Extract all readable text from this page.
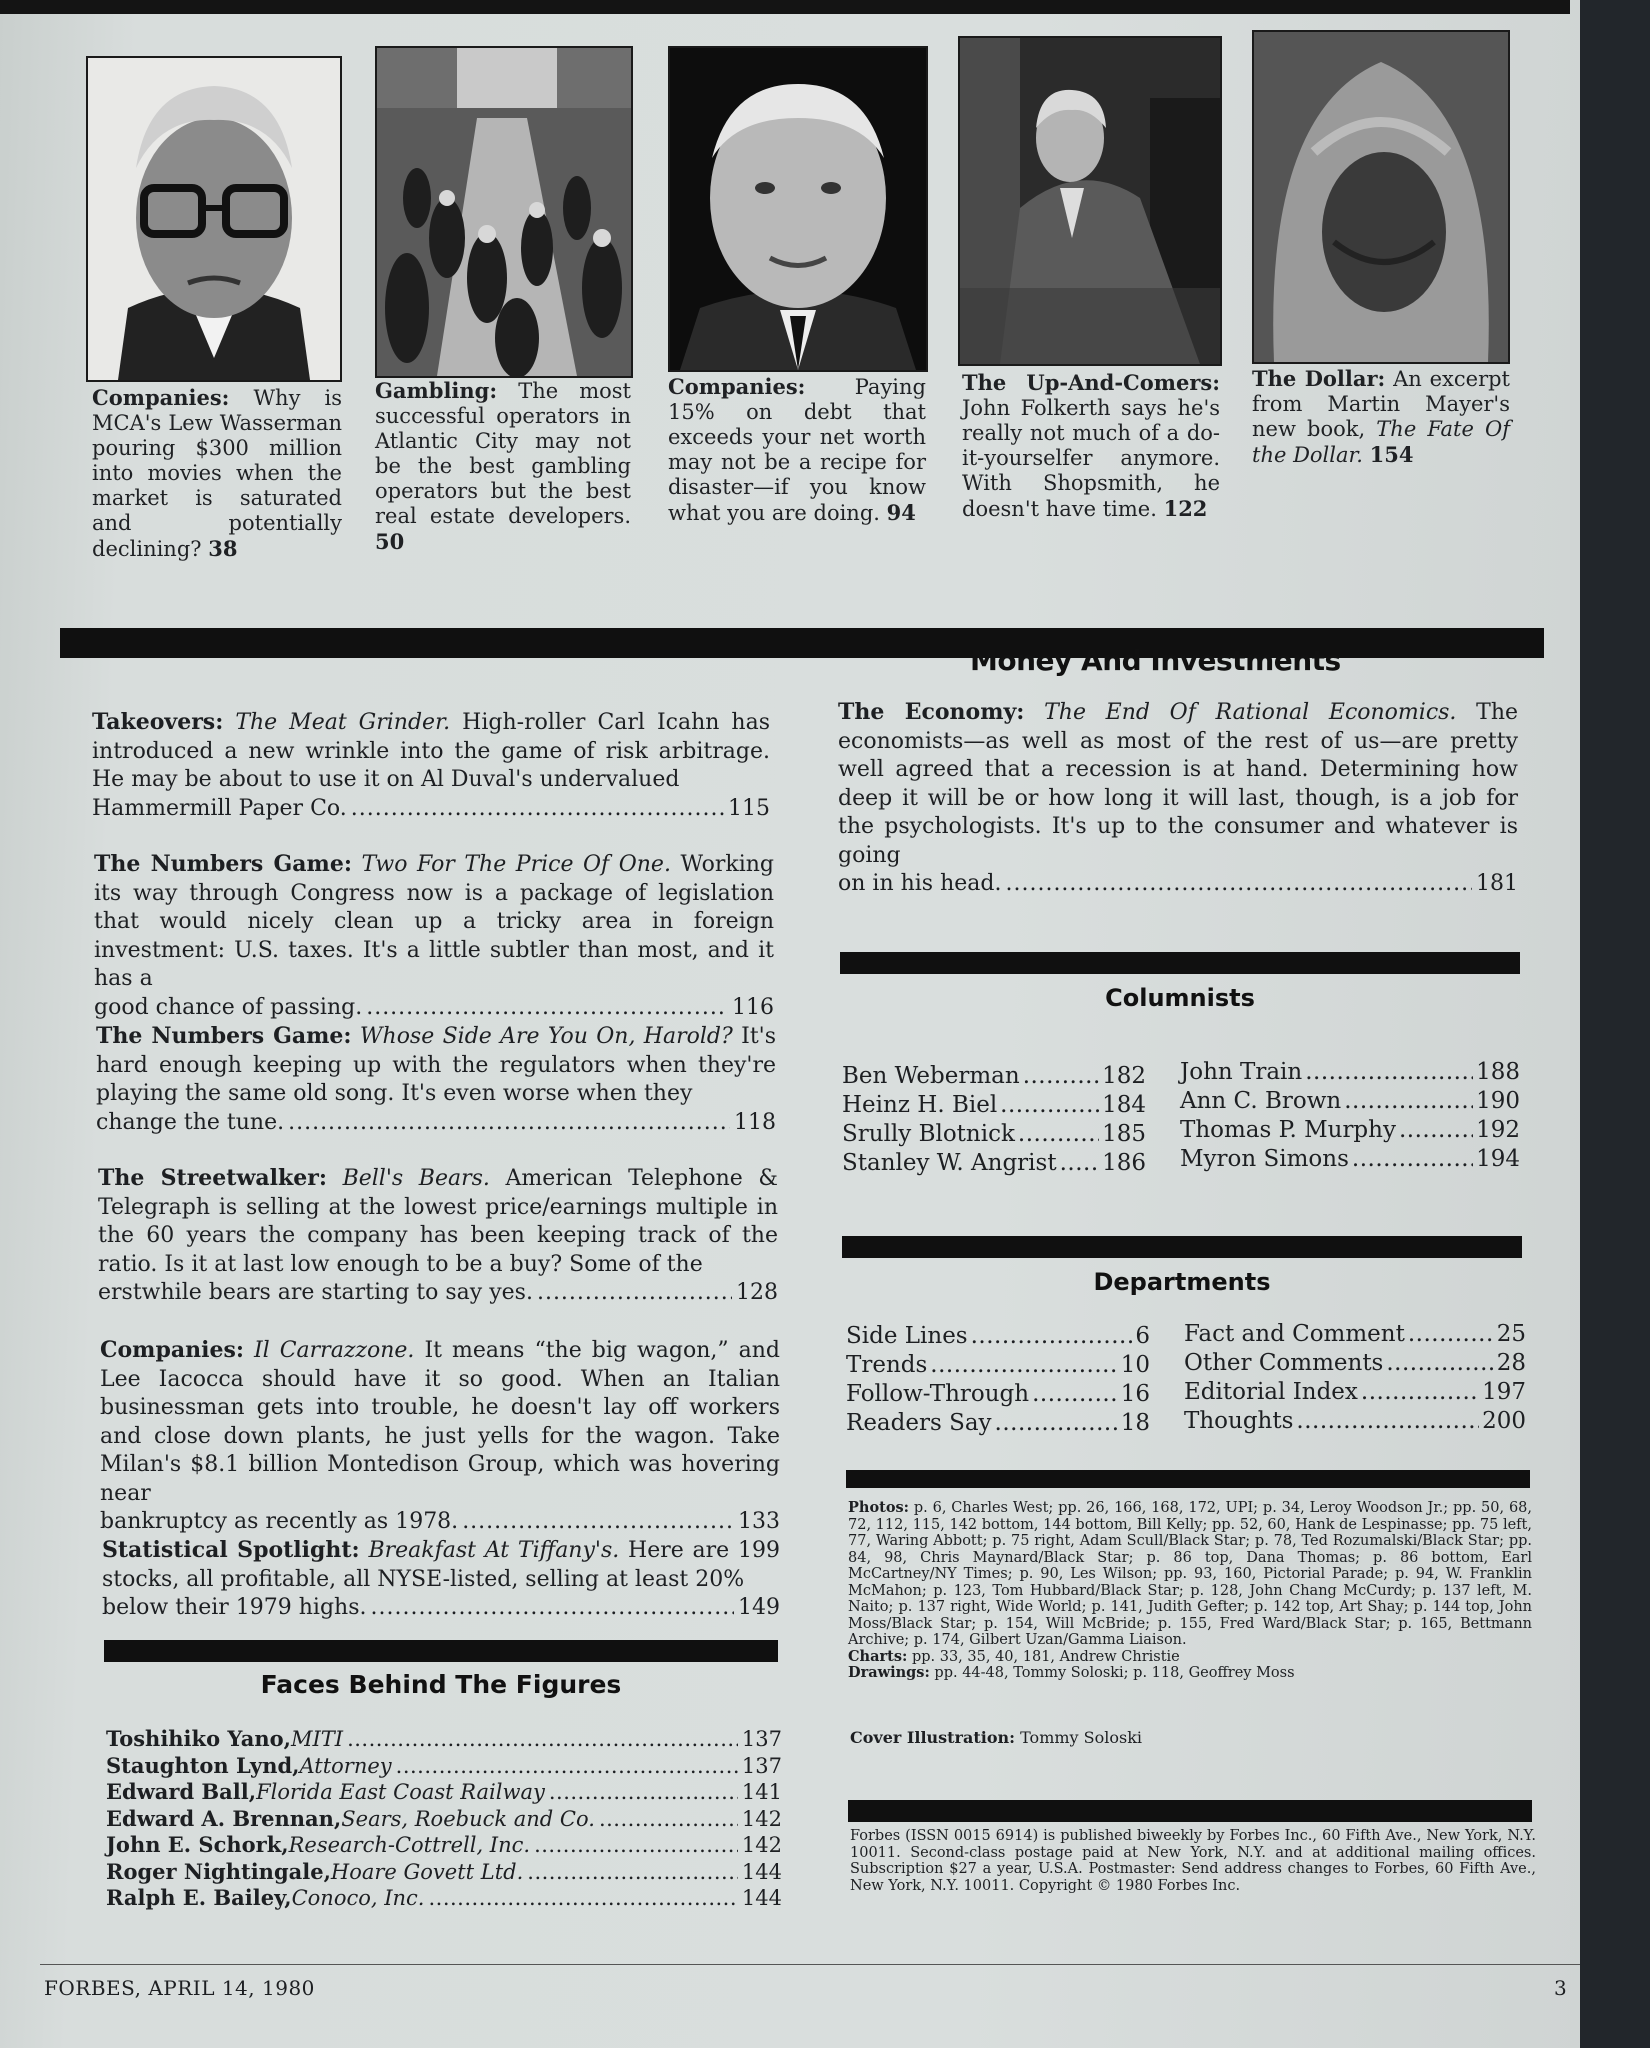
Companies: Why is MCA's Lew Wasserman pouring $300 million into movies when the market is saturated and potentially declining? 38
Gambling: The most successful operators in Atlantic City may not be the best gambling operators but the best real estate developers. 50
Companies: Paying 15% on debt that exceeds your net worth may not be a recipe for disaster—if you know what you are doing. 94
The Up-And-Comers: John Folkerth says he's really not much of a do-it-yourselfer anymore. With Shopsmith, he doesn't have time. 122
The Dollar: An excerpt from Martin Mayer's new book, The Fate Of the Dollar. 154
Money And Investments
Takeovers: The Meat Grinder. High-roller Carl Icahn has introduced a new wrinkle into the game of risk arbitrage. He may be about to use it on Al Duval's undervalued
Hammermill Paper Co. .....	115
The Numbers Game: Two For The Price Of One. Working its way through Congress now is a package of legislation that would nicely clean up a tricky area in foreign investment: U.S. taxes. It's a little subtler than most, and it has a
good chance of passing. .....	116
The Numbers Game: Whose Side Are You On, Harold? It's hard enough keeping up with the regulators when they're playing the same old song. It's even worse when they
change the tune. .....	118
The Streetwalker: Bell's Bears. American Telephone & Telegraph is selling at the lowest price/earnings multiple in the 60 years the company has been keeping track of the ratio. Is it at last low enough to be a buy? Some of the
erstwhile bears are starting to say yes. .....	128
Companies: Il Carrazzone. It means “the big wagon,” and Lee Iacocca should have it so good. When an Italian businessman gets into trouble, he doesn't lay off workers and close down plants, he just yells for the wagon. Take Milan's $8.1 billion Montedison Group, which was hovering near
bankruptcy as recently as 1978. .....	133
Statistical Spotlight: Breakfast At Tiffany's. Here are 199 stocks, all profitable, all NYSE-listed, selling at least 20%
below their 1979 highs. .....	149
Faces Behind The Figures
Toshihiko Yano, MITI .....	137
Staughton Lynd, Attorney .....	137
Edward Ball, Florida East Coast Railway .....	141
Edward A. Brennan, Sears, Roebuck and Co. .....	142
John E. Schork, Research-Cottrell, Inc. .....	142
Roger Nightingale, Hoare Govett Ltd. .....	144
Ralph E. Bailey, Conoco, Inc. .....	144
The Economy: The End Of Rational Economics. The economists—as well as most of the rest of us—are pretty well agreed that a recession is at hand. Determining how deep it will be or how long it will last, though, is a job for the psychologists. It's up to the consumer and whatever is going
on in his head. .....	181
Columnists
Ben Weberman .....	182
Heinz H. Biel .....	184
Srully Blotnick .....	185
Stanley W. Angrist ..... 186
John Train .....	188
Ann C. Brown .....	190
Thomas P. Murphy .....	192
Myron Simons .....	194
Departments
Side Lines .....	6
Trends .....	10
Follow-Through .....	16
Readers Say .....	18
Fact and Comment .....	25
Other Comments .....	28
Editorial Index .....	197
Thoughts .....	200
Photos: p. 6, Charles West; pp. 26, 166, 168, 172, UPI; p. 34, Leroy Woodson Jr.; pp. 50, 68, 72, 112, 115, 142 bottom, 144 bottom, Bill Kelly; pp. 52, 60, Hank de Lespinasse; pp. 75 left, 77, Waring Abbott; p. 75 right, Adam Scull/Black Star; p. 78, Ted Rozumalski/Black Star; pp. 84, 98, Chris Maynard/Black Star; p. 86 top, Dana Thomas; p. 86 bottom, Earl McCartney/NY Times; p. 90, Les Wilson; pp. 93, 160, Pictorial Parade; p. 94, W. Franklin McMahon; p. 123, Tom Hubbard/Black Star; p. 128, John Chang McCurdy; p. 137 left, M. Naito; p. 137 right, Wide World; p. 141, Judith Gefter; p. 142 top, Art Shay; p. 144 top, John Moss/Black Star; p. 154, Will McBride; p. 155, Fred Ward/Black Star; p. 165, Bettmann Archive; p. 174, Gilbert Uzan/Gamma Liaison.
Charts: pp. 33, 35, 40, 181, Andrew Christie
Drawings: pp. 44-48, Tommy Soloski; p. 118, Geoffrey Moss
Cover Illustration: Tommy Soloski
Forbes (ISSN 0015 6914) is published biweekly by Forbes Inc., 60 Fifth Ave., New York, N.Y. 10011. Second-class postage paid at New York, N.Y. and at additional mailing offices. Subscription $27 a year, U.S.A. Postmaster: Send address changes to Forbes, 60 Fifth Ave., New York, N.Y. 10011. Copyright © 1980 Forbes Inc.
FORBES, APRIL 14, 1980	3
